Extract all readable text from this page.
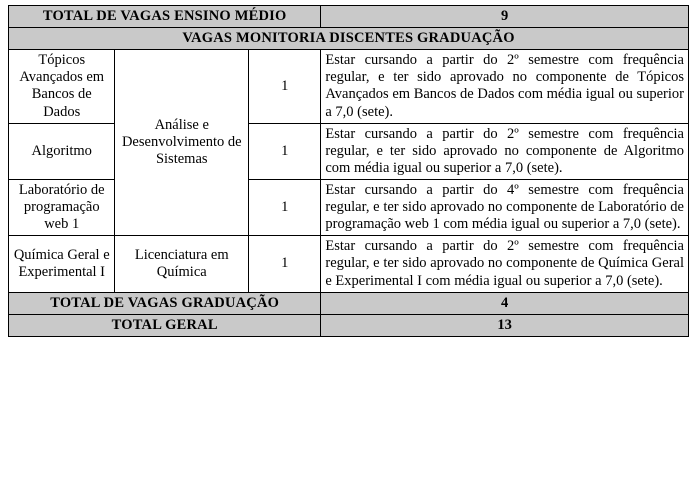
TOTAL DE VAGAS ENSINO MÉDIO			9
VAGAS MONITORIA DISCENTES GRADUAÇÃO			
Tópicos Avançados em Bancos de Dados	Análise e Desenvolvimento de Sistemas	1	Estar cursando a partir do 2º semestre com frequência regular, e ter sido aprovado no componente de Tópicos Avançados em Bancos de Dados com média igual ou superior a 7,0 (sete).
Algoritmo		1	Estar cursando a partir do 2º semestre com frequência regular, e ter sido aprovado no componente de Algoritmo com média igual ou superior a 7,0 (sete).
Laboratório de programação web 1		1	Estar cursando a partir do 4º semestre com frequência regular, e ter sido aprovado no componente de Laboratório de programação web 1 com média igual ou superior a 7,0 (sete).
Química Geral e Experimental I	Licenciatura em Química	1	Estar cursando a partir do 2º semestre com frequência regular, e ter sido aprovado no componente de Química Geral e Experimental I com média igual ou superior a 7,0 (sete).
TOTAL DE VAGAS GRADUAÇÃO			4
TOTAL GERAL			13
